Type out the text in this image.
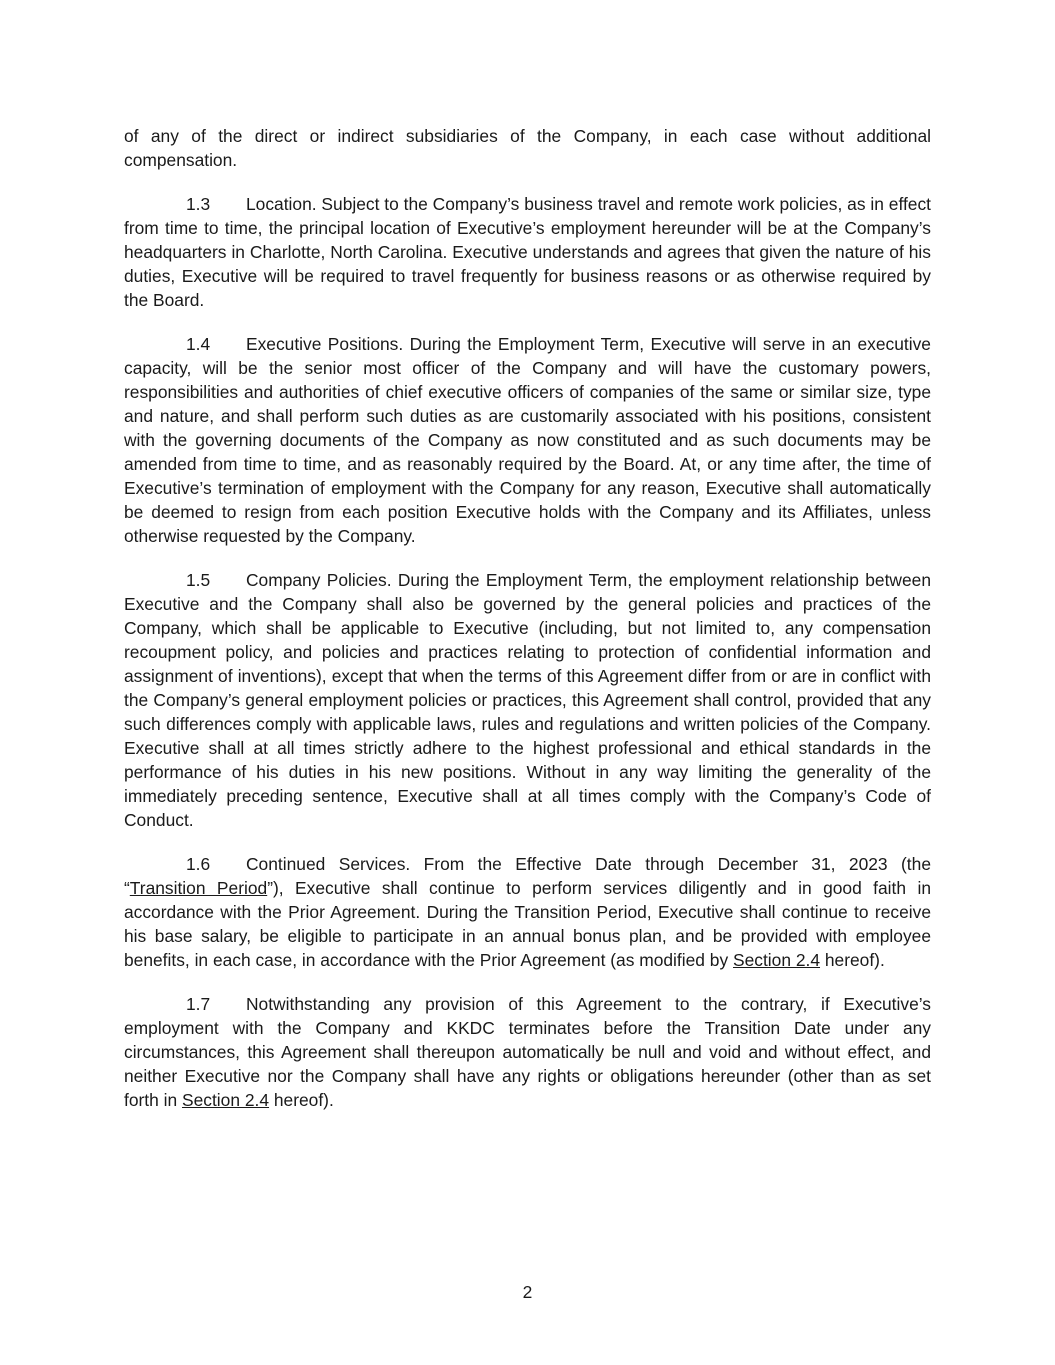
of any of the direct or indirect subsidiaries of the Company, in each case without additional compensation.

1.3 Location. Subject to the Company’s business travel and remote work policies, as in effect from time to time, the principal location of Executive’s employment hereunder will be at the Company’s headquarters in Charlotte, North Carolina. Executive understands and agrees that given the nature of his duties, Executive will be required to travel frequently for business reasons or as otherwise required by the Board.

1.4 Executive Positions. During the Employment Term, Executive will serve in an executive capacity, will be the senior most officer of the Company and will have the customary powers, responsibilities and authorities of chief executive officers of companies of the same or similar size, type and nature, and shall perform such duties as are customarily associated with his positions, consistent with the governing documents of the Company as now constituted and as such documents may be amended from time to time, and as reasonably required by the Board. At, or any time after, the time of Executive’s termination of employment with the Company for any reason, Executive shall automatically be deemed to resign from each position Executive holds with the Company and its Affiliates, unless otherwise requested by the Company.

1.5 Company Policies. During the Employment Term, the employment relationship between Executive and the Company shall also be governed by the general policies and practices of the Company, which shall be applicable to Executive (including, but not limited to, any compensation recoupment policy, and policies and practices relating to protection of confidential information and assignment of inventions), except that when the terms of this Agreement differ from or are in conflict with the Company’s general employment policies or practices, this Agreement shall control, provided that any such differences comply with applicable laws, rules and regulations and written policies of the Company. Executive shall at all times strictly adhere to the highest professional and ethical standards in the performance of his duties in his new positions. Without in any way limiting the generality of the immediately preceding sentence, Executive shall at all times comply with the Company’s Code of Conduct.

1.6 Continued Services. From the Effective Date through December 31, 2023 (the “Transition Period”), Executive shall continue to perform services diligently and in good faith in accordance with the Prior Agreement. During the Transition Period, Executive shall continue to receive his base salary, be eligible to participate in an annual bonus plan, and be provided with employee benefits, in each case, in accordance with the Prior Agreement (as modified by Section 2.4 hereof).

1.7 Notwithstanding any provision of this Agreement to the contrary, if Executive’s employment with the Company and KKDC terminates before the Transition Date under any circumstances, this Agreement shall thereupon automatically be null and void and without effect, and neither Executive nor the Company shall have any rights or obligations hereunder (other than as set forth in Section 2.4 hereof).

2
